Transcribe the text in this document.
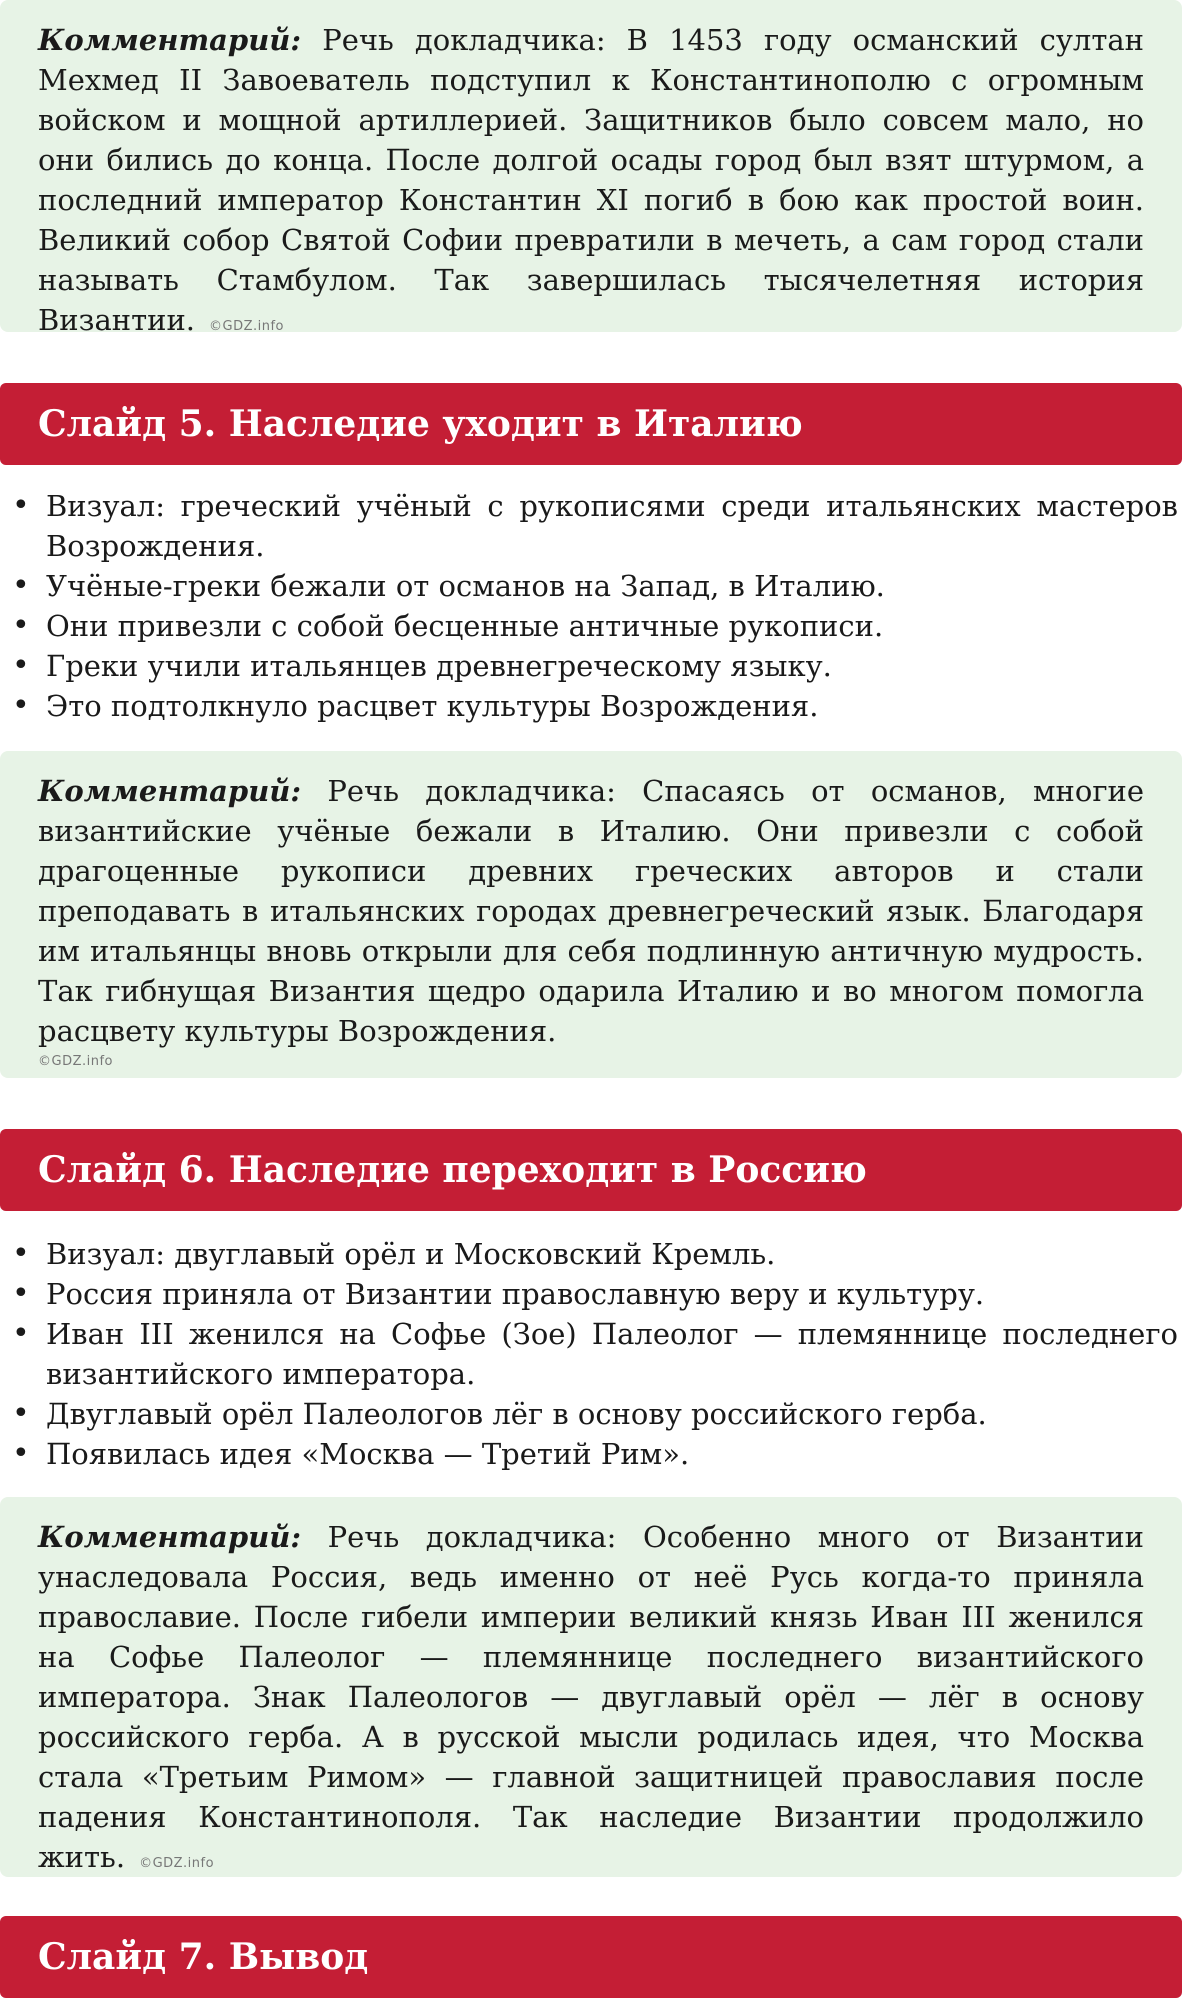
Комментарий: Речь докладчика: В 1453 году османский султан Мехмед II Завоеватель подступил к Константинополю с огромным войском и мощной артиллерией. Защитников было совсем мало, но они бились до конца. После долгой осады город был взят штурмом, а последний император Константин XI погиб в бою как простой воин. Великий собор Святой Софии превратили в мечеть, а сам город стали называть Стамбулом. Так завершилась тысячелетняя история Византии. ©GDZ.info
Слайд 5. Наследие уходит в Италию
• Визуал: греческий учёный с рукописями среди итальянских мастеров Возрождения.
• Учёные-греки бежали от османов на Запад, в Италию.
• Они привезли с собой бесценные античные рукописи.
• Греки учили итальянцев древнегреческому языку.
• Это подтолкнуло расцвет культуры Возрождения.
Комментарий: Речь докладчика: Спасаясь от османов, многие византийские учёные бежали в Италию. Они привезли с собой драгоценные рукописи древних греческих авторов и стали преподавать в итальянских городах древнегреческий язык. Благодаря им итальянцы вновь открыли для себя подлинную античную мудрость. Так гибнущая Византия щедро одарила Италию и во многом помогла расцвету культуры Возрождения.
©GDZ.info
Слайд 6. Наследие переходит в Россию
• Визуал: двуглавый орёл и Московский Кремль.
• Россия приняла от Византии православную веру и культуру.
• Иван III женился на Софье (Зое) Палеолог — племяннице последнего византийского императора.
• Двуглавый орёл Палеологов лёг в основу российского герба.
• Появилась идея «Москва — Третий Рим».
Комментарий: Речь докладчика: Особенно много от Византии унаследовала Россия, ведь именно от неё Русь когда-то приняла православие. После гибели империи великий князь Иван III женился на Софье Палеолог — племяннице последнего византийского императора. Знак Палеологов — двуглавый орёл — лёг в основу российского герба. А в русской мысли родилась идея, что Москва стала «Третьим Римом» — главной защитницей православия после падения Константинополя. Так наследие Византии продолжило жить. ©GDZ.info
Слайд 7. Вывод
